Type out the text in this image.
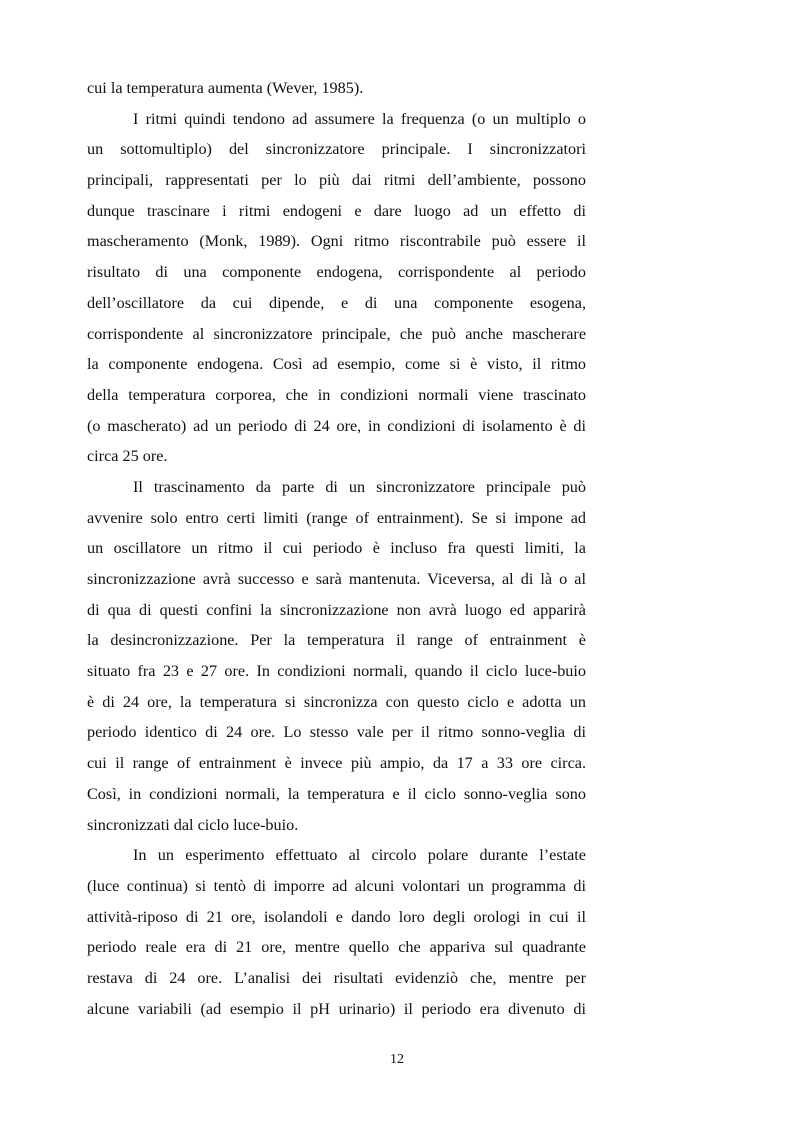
cui la temperatura aumenta (Wever, 1985).
I ritmi quindi tendono ad assumere la frequenza (o un multiplo o
un sottomultiplo) del sincronizzatore principale. I sincronizzatori
principali, rappresentati per lo più dai ritmi dell’ambiente, possono
dunque trascinare i ritmi endogeni e dare luogo ad un effetto di
mascheramento (Monk, 1989). Ogni ritmo riscontrabile può essere il
risultato di una componente endogena, corrispondente al periodo
dell’oscillatore da cui dipende, e di una componente esogena,
corrispondente al sincronizzatore principale, che può anche mascherare
la componente endogena. Così ad esempio, come si è visto, il ritmo
della temperatura corporea, che in condizioni normali viene trascinato
(o mascherato) ad un periodo di 24 ore, in condizioni di isolamento è di
circa 25 ore.
Il trascinamento da parte di un sincronizzatore principale può
avvenire solo entro certi limiti (range of entrainment). Se si impone ad
un oscillatore un ritmo il cui periodo è incluso fra questi limiti, la
sincronizzazione avrà successo e sarà mantenuta. Viceversa, al di là o al
di qua di questi confini la sincronizzazione non avrà luogo ed apparirà
la desincronizzazione. Per la temperatura il range of entrainment è
situato fra 23 e 27 ore. In condizioni normali, quando il ciclo luce-buio
è di 24 ore, la temperatura si sincronizza con questo ciclo e adotta un
periodo identico di 24 ore. Lo stesso vale per il ritmo sonno-veglia di
cui il range of entrainment è invece più ampio, da 17 a 33 ore circa.
Così, in condizioni normali, la temperatura e il ciclo sonno-veglia sono
sincronizzati dal ciclo luce-buio.
In un esperimento effettuato al circolo polare durante l’estate
(luce continua) si tentò di imporre ad alcuni volontari un programma di
attività-riposo di 21 ore, isolandoli e dando loro degli orologi in cui il
periodo reale era di 21 ore, mentre quello che appariva sul quadrante
restava di 24 ore. L’analisi dei risultati evidenziò che, mentre per
alcune variabili (ad esempio il pH urinario) il periodo era divenuto di
12
